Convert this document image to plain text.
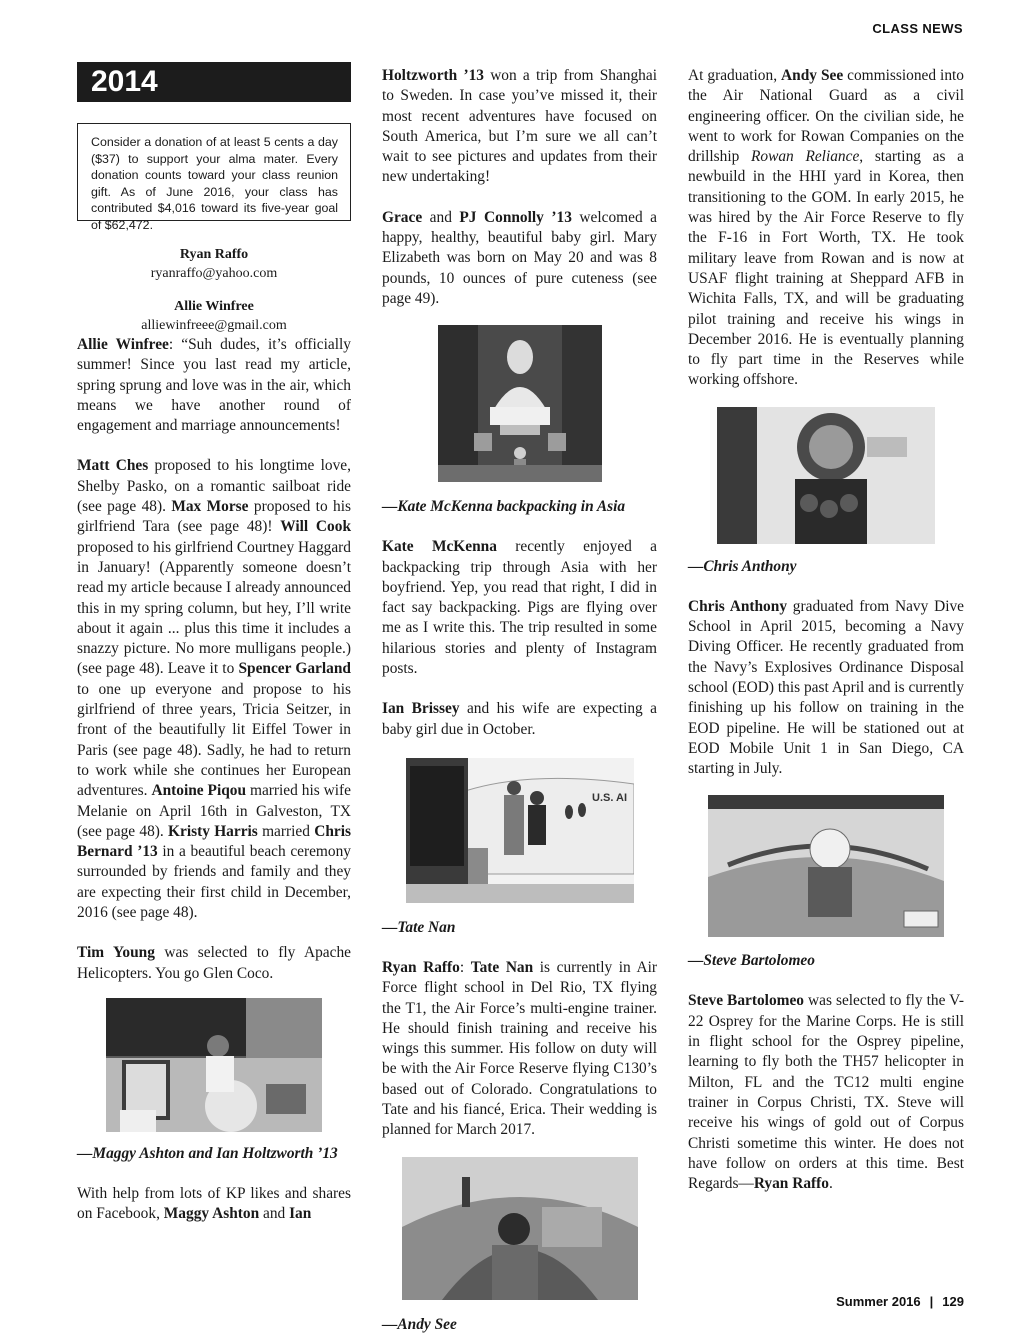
CLASS NEWS
2014
Consider a donation of at least 5 cents a day ($37) to support your alma mater. Every donation counts toward your class reunion gift. As of June 2016, your class has contributed $4,016 toward its five-year goal of $62,472.
Ryan Raffo
ryanraffo@yahoo.com
Allie Winfree
alliewinfreee@gmail.com

Allie Winfree: “Suh dudes, it’s officially summer! Since you last read my article, spring sprung and love was in the air, which means we have another round of engagement and marriage announcements!

Matt Ches proposed to his longtime love, Shelby Pasko, on a romantic sailboat ride (see page 48). Max Morse proposed to his girlfriend Tara (see page 48)! Will Cook proposed to his girlfriend Courtney Haggard in January! (Apparently someone doesn’t read my article because I already announced this in my spring column, but hey, I’ll write about it again ... plus this time it includes a snazzy picture. No more mulligans people.) (see page 48). Leave it to Spencer Garland to one up everyone and propose to his girlfriend of three years, Tricia Seitzer, in front of the beautifully lit Eiffel Tower in Paris (see page 48). Sadly, he had to return to work while she continues her European adventures. Antoine Piqou married his wife Melanie on April 16th in Galveston, TX (see page 48). Kristy Harris married Chris Bernard ’13 in a beautiful beach ceremony surrounded by friends and family and they are expecting their first child in December, 2016 (see page 48).

Tim Young was selected to fly Apache Helicopters. You go Glen Coco.

—Maggy Ashton and Ian Holtzworth ’13

With help from lots of KP likes and shares on Facebook, Maggy Ashton and Ian

Holtzworth ’13 won a trip from Shanghai to Sweden. In case you’ve missed it, their most recent adventures have focused on South America, but I’m sure we all can’t wait to see pictures and updates from their new undertaking!

Grace and PJ Connolly ’13 welcomed a happy, healthy, beautiful baby girl. Mary Elizabeth was born on May 20 and was 8 pounds, 10 ounces of pure cuteness (see page 49).

—Kate McKenna backpacking in Asia

Kate McKenna recently enjoyed a backpacking trip through Asia with her boyfriend. Yep, you read that right, I did in fact say backpacking. Pigs are flying over me as I write this. The trip resulted in some hilarious stories and plenty of Instagram posts.

Ian Brissey and his wife are expecting a baby girl due in October.

U.S. AI
—Tate Nan

Ryan Raffo: Tate Nan is currently in Air Force flight school in Del Rio, TX flying the T1, the Air Force’s multi-engine trainer. He should finish training and receive his wings this summer. His follow on duty will be with the Air Force Reserve flying C130’s based out of Colorado. Congratulations to Tate and his fiancé, Erica. Their wedding is planned for March 2017.

—Andy See

At graduation, Andy See commissioned into the Air National Guard as a civil engineering officer. On the civilian side, he went to work for Rowan Companies on the drillship Rowan Reliance, starting as a newbuild in the HHI yard in Korea, then transitioning to the GOM. In early 2015, he was hired by the Air Force Reserve to fly the F-16 in Fort Worth, TX. He took military leave from Rowan and is now at USAF flight training at Sheppard AFB in Wichita Falls, TX, and will be graduating pilot training and receive his wings in December 2016. He is eventually planning to fly part time in the Reserves while working offshore.

—Chris Anthony

Chris Anthony graduated from Navy Dive School in April 2015, becoming a Navy Diving Officer. He recently graduated from the Navy’s Explosives Ordinance Disposal school (EOD) this past April and is currently finishing up his follow on training in the EOD pipeline. He will be stationed out at EOD Mobile Unit 1 in San Diego, CA starting in July.

—Steve Bartolomeo

Steve Bartolomeo was selected to fly the V-22 Osprey for the Marine Corps. He is still in flight school for the Osprey pipeline, learning to fly both the TH57 helicopter in Milton, FL and the TC12 multi engine trainer in Corpus Christi, TX. Steve will receive his wings of gold out of Corpus Christi sometime this winter. He does not have follow on orders at this time. Best Regards—Ryan Raffo.

Summer 2016 | 129
